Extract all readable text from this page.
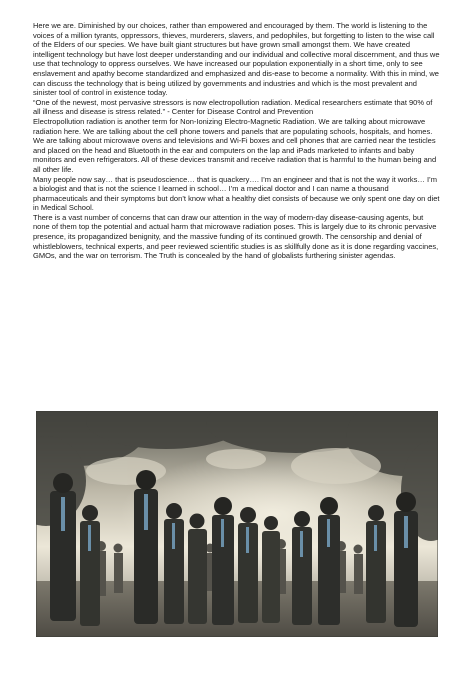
Here we are. Diminished by our choices, rather than empowered and encouraged by them. The world is listening to the voices of a million tyrants, oppressors, thieves, murderers, slavers, and pedophiles, but forgetting to listen to the wise call of the Elders of our species. We have built giant structures but have grown small amongst them. We have created intelligent technology but have lost deeper understanding and our individual and collective moral discernment, and thus we use that technology to oppress ourselves. We have increased our population exponentially in a short time, only to see enslavement and apathy become standardized and emphasized and dis-ease to become a normality. With this in mind, we can discuss the technology that is being utilized by governments and industries and which is the most prevalent and sinister tool of control in existence today.

“One of the newest, most pervasive stressors is now electropollution radiation. Medical researchers estimate that 90% of all illness and disease is stress related.” - Center for Disease Control and Prevention

Electropollution radiation is another term for Non-Ionizing Electro-Magnetic Radiation. We are talking about microwave radiation here. We are talking about the cell phone towers and panels that are populating schools, hospitals, and homes. We are talking about microwave ovens and televisions and Wi-Fi boxes and cell phones that are carried near the testicles and placed on the head and Bluetooth in the ear and computers on the lap and iPads marketed to infants and baby monitors and even refrigerators. All of these devices transmit and receive radiation that is harmful to the human being and all other life.

Many people now say… that is pseudoscience… that is quackery…. I’m an engineer and that is not the way it works… I’m a biologist and that is not the science I learned in school… I’m a medical doctor and I can name a thousand pharmaceuticals and their symptoms but don’t know what a healthy diet consists of because we only spent one day on diet in Medical School.

There is a vast number of concerns that can draw our attention in the way of modern-day disease-causing agents, but none of them top the potential and actual harm that microwave radiation poses. This is largely due to its chronic pervasive presence, its propagandized benignity, and the massive funding of its continued growth. The censorship and denial of whistleblowers, technical experts, and peer reviewed scientific studies is as skillfully done as it is done regarding vaccines, GMOs, and the war on terrorism. The Truth is concealed by the hand of globalists furthering sinister agendas.
